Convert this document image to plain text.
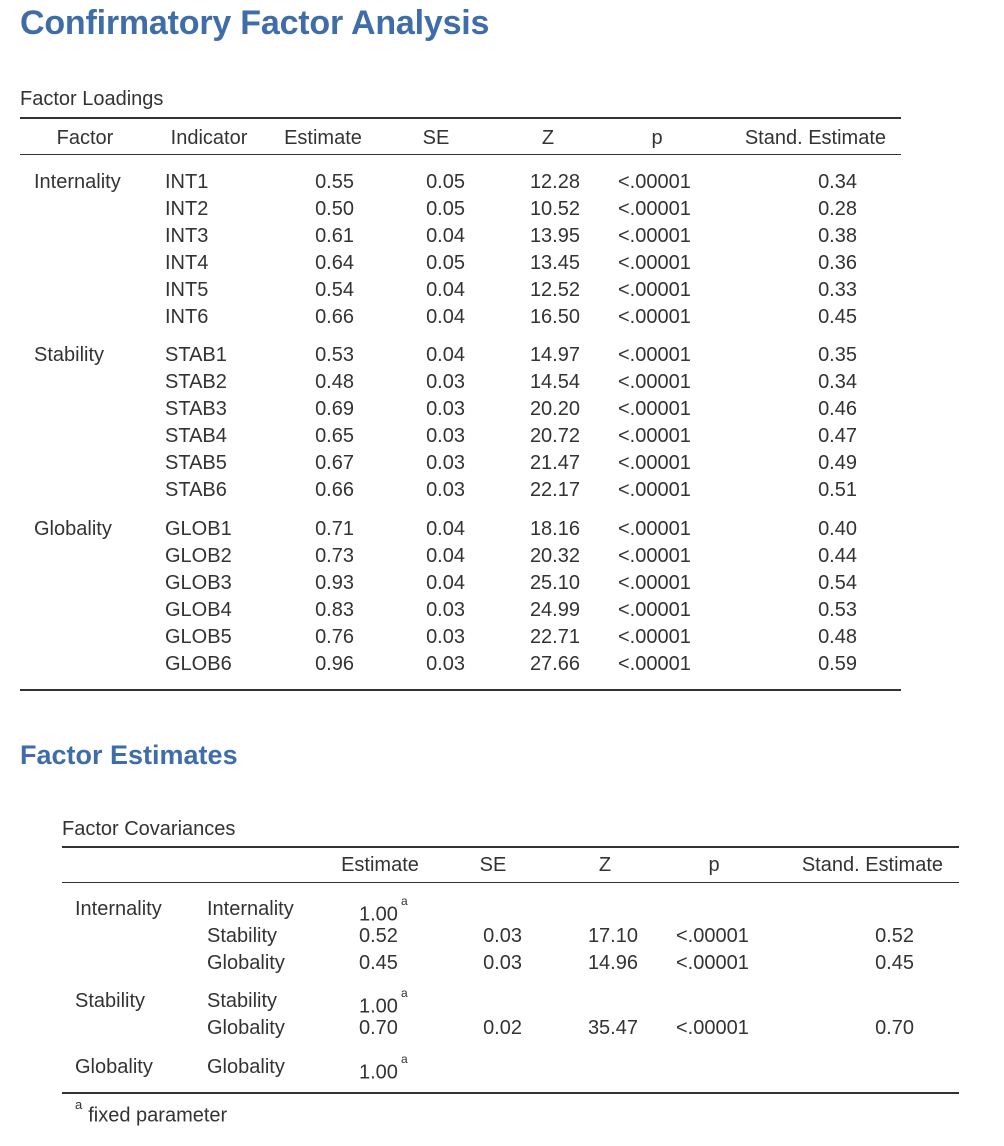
Confirmatory Factor Analysis
Factor Loadings
Factor	Indicator	Estimate	SE	Z	p	Stand. Estimate
Internality INT1	0.55	0.05	12.28 <.00001	0.34
INT2	0.50	0.05	10.52 <.00001	0.28
INT3	0.61	0.04	13.95 <.00001	0.38
INT4	0.64	0.05	13.45 <.00001	0.36
INT5	0.54	0.04	12.52 <.00001	0.33
INT6	0.66	0.04	16.50 <.00001	0.45
Stability	STAB1	0.53	0.04	14.97 <.00001	0.35
STAB2	0.48	0.03	14.54 <.00001	0.34
STAB3	0.69	0.03	20.20 <.00001	0.46
STAB4	0.65	0.03	20.72 <.00001	0.47
STAB5	0.67	0.03	21.47 <.00001	0.49
STAB6	0.66	0.03	22.17 <.00001	0.51
Globality	GLOB1	0.71	0.04	18.16 <.00001	0.40
GLOB2	0.73	0.04	20.32 <.00001	0.44
GLOB3	0.93	0.04	25.10 <.00001	0.54
GLOB4	0.83	0.03	24.99 <.00001	0.53
GLOB5	0.76	0.03	22.71 <.00001	0.48
GLOB6	0.96	0.03	27.66 <.00001	0.59
Factor Estimates
Factor Covariances
Estimate	SE	Z	p	Stand. Estimate
Internality Internality	1.00$^a$
Stability	0.52	0.03	17.10 <.00001	0.52
Globality	0.45	0.03	14.96 <.00001	0.45
Stability	Stability	1.00$^a$
Globality	0.70	0.02	35.47 <.00001	0.70
Globality	Globality	1.00$^a$
$^a$fixed parameter
